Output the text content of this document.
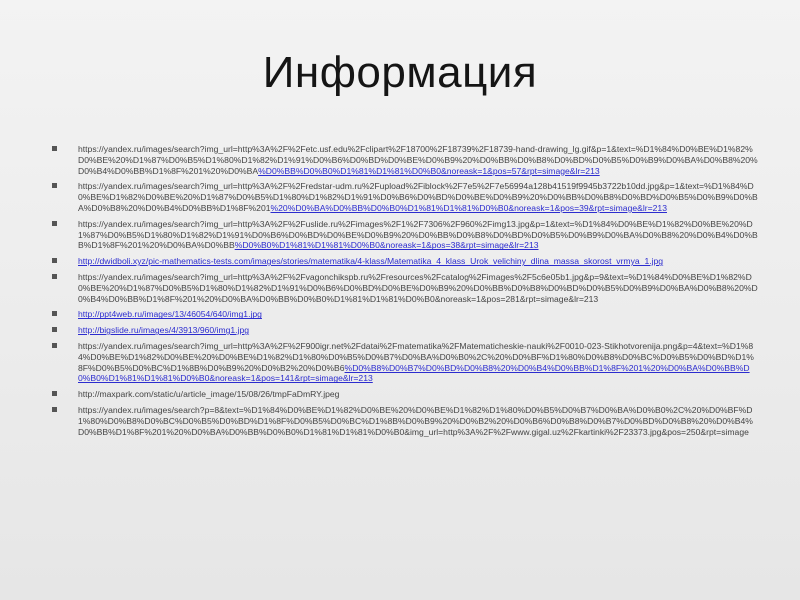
Информация
https://yandex.ru/images/search?img_url=http%3A%2F%2Fetc.usf.edu%2Fclipart%2F18700%2F18739%2F18739-hand-drawing_lg.gif&p=1&text=%D1%84%D0%BE%D1%82%D0%BE%20%D1%87%D0%B5%D1%80%D1%82%D1%91%D0%B6%D0%BD%D0%BE%D0%B9%20%D0%BB%D0%B8%D0%BD%D0%B5%D0%B9%D0%BA%D0%B8%20%D0%B4%D0%BB%D1%8F%201%20%D0%BA%D0%BB%D0%B0%D1%81%D1%81%D0%B0&noreask=1&pos=57&rpt=simage&lr=213
https://yandex.ru/images/search?img_url=http%3A%2F%2Fredstar-udm.ru%2Fupload%2Fiblock%2F7e5%2F7e56994a128b41519f9945b3722b10dd.jpg&p=1&text=%D1%84%D0%BE%D1%82%D0%BE%20%D1%87%D0%B5%D1%80%D1%82%D1%91%D0%B6%D0%BD%D0%BE%D0%B9%20%D0%BB%D0%B8%D0%BD%D0%B5%D0%B9%D0%BA%D0%B8%20%D0%B4%D0%BB%D1%8F%201%20%D0%BA%D0%BB%D0%B0%D1%81%D1%81%D0%B0&noreask=1&pos=39&rpt=simage&lr=213
https://yandex.ru/images/search?img_url=http%3A%2F%2Fuslide.ru%2Fimages%2F1%2F7306%2F960%2Fimg13.jpg&p=1&text=%D1%84%D0%BE%D1%82%D0%BE%20%D1%87%D0%B5%D1%80%D1%82%D1%91%D0%B6%D0%BD%D0%BE%D0%B9%20%D0%BB%D0%B8%D0%BD%D0%B5%D0%B9%D0%BA%D0%B8%20%D0%B4%D0%BB%D1%8F%201%20%D0%BA%D0%BB%D0%B0%D1%81%D1%81%D0%B0&noreask=1&pos=38&rpt=simage&lr=213
http://dwidboli.xyz/pic-mathematics-tests.com/images/stories/matematika/4-klass/Matematika_4_klass_Urok_velichiny_dlina_massa_skorost_vrmya_1.jpg
https://yandex.ru/images/search?img_url=http%3A%2F%2Fvagonchikspb.ru%2Fresources%2Fcatalog%2Fimages%2F5c6e05b1.jpg&p=9&text=%D1%84%D0%BE%D1%82%D0%BE%20%D1%87%D0%B5%D1%80%D1%82%D1%91%D0%B6%D0%BD%D0%BE%D0%B9%20%D0%BB%D0%B8%D0%BD%D0%B5%D0%B9%D0%BA%D0%B8%20%D0%B4%D0%BB%D1%8F%201%20%D0%BA%D0%BB%D0%B0%D1%81%D1%81%D0%B0&noreask=1&pos=281&rpt=simage&lr=213
http://ppt4web.ru/images/13/46054/640/img1.jpg
http://bigslide.ru/images/4/3913/960/img1.jpg
https://yandex.ru/images/search?img_url=http%3A%2F%2F900igr.net%2Fdatai%2Fmatematika%2FMatematicheskie-nauki%2F0010-023-Stikhotvorenija.png&p=4&text=%D1%84%D0%BE%D1%82%D0%BE%20%D0%BE%D1%82%D1%80%D0%B5%D0%B7%D0%BA%D0%B0%2C%20%D0%BF%D1%80%D0%B8%D0%BC%D0%B5%D0%BD%D1%8F%D0%B5%D0%BC%D1%8B%D0%B9%20%D0%B2%20%D0%B6%D0%B8%D0%B7%D0%BD%D0%B8%20%D0%B4%D0%BB%D1%8F%201%20%D0%BA%D0%BB%D0%B0%D1%81%D1%81%D0%B0&noreask=1&pos=141&rpt=simage&lr=213
http://maxpark.com/static/u/article_image/15/08/26/tmpFaDmRY.jpeg
https://yandex.ru/images/search?p=8&text=%D1%84%D0%BE%D1%82%D0%BE%20%D0%BE%D1%82%D1%80%D0%B5%D0%B7%D0%BA%D0%B0%2C%20%D0%BF%D1%80%D0%B8%D0%BC%D0%B5%D0%BD%D1%8F%D0%B5%D0%BC%D1%8B%D0%B9%20%D0%B2%20%D0%B6%D0%B8%D0%B7%D0%BD%D0%B8%20%D0%B4%D0%BB%D1%8F%201%20%D0%BA%D0%BB%D0%B0%D1%81%D1%81%D0%B0&img_url=http%3A%2F%2Fwww.gigal.uz%2Fkartinki%2F23373.jpg&pos=250&rpt=simage
